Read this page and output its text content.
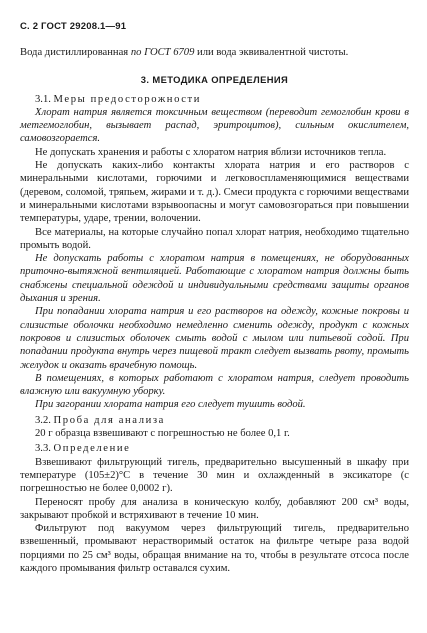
С. 2 ГОСТ 29208.1—91

Вода дистиллированная по ГОСТ 6709 или вода эквивалентной чистоты.

3. МЕТОДИКА ОПРЕДЕЛЕНИЯ

3.1. Меры предосторожности

Хлорат натрия является токсичным веществом (переводит гемоглобин крови в метгемоглобин, вызывает распад, эритроцитов), сильным окислителем, самовозгорается.

Не допускать хранения и работы с хлоратом натрия вблизи источников тепла.

Не допускать каких-либо контакты хлората натрия и его растворов с минеральными кислотами, горючими и легковоспламеняющимися веществами (деревом, соломой, тряпьем, жирами и т. д.). Смеси продукта с горючими веществами и минеральными кислотами взрывоопасны и могут самовозгораться при повышении температуры, ударе, трении, волочении.

Все материалы, на которые случайно попал хлорат натрия, необходимо тщательно промыть водой.

Не допускать работы с хлоратом натрия в помещениях, не оборудованных приточно-вытяжной вентиляцией. Работающие с хлоратом натрия должны быть снабжены специальной одеждой и индивидуальными средствами защиты органов дыхания и зрения.

При попадании хлората натрия и его растворов на одежду, кожные покровы и слизистые оболочки необходимо немедленно сменить одежду, продукт с кожных покровов и слизистых оболочек смыть водой с мылом или питьевой содой. При попадании продукта внутрь через пищевой тракт следует вызвать рвоту, промыть желудок и оказать врачебную помощь.

В помещениях, в которых работают с хлоратом натрия, следует проводить влажную или вакуумную уборку.

При загорании хлората натрия его следует тушить водой.

3.2. Проба для анализа

20 г образца взвешивают с погрешностью не более 0,1 г.

3.3. Определение

Взвешивают фильтрующий тигель, предварительно высушенный в шкафу при температуре (105±2)°С в течение 30 мин и охлажденный в эксикаторе (с погрешностью не более 0,0002 г).

Переносят пробу для анализа в коническую колбу, добавляют 200 см³ воды, закрывают пробкой и встряхивают в течение 10 мин.

Фильтруют под вакуумом через фильтрующий тигель, предварительно взвешенный, промывают нерастворимый остаток на фильтре четыре раза водой порциями по 25 см³ воды, обращая внимание на то, чтобы в результате отсоса после каждого промывания фильтр оставался сухим.
